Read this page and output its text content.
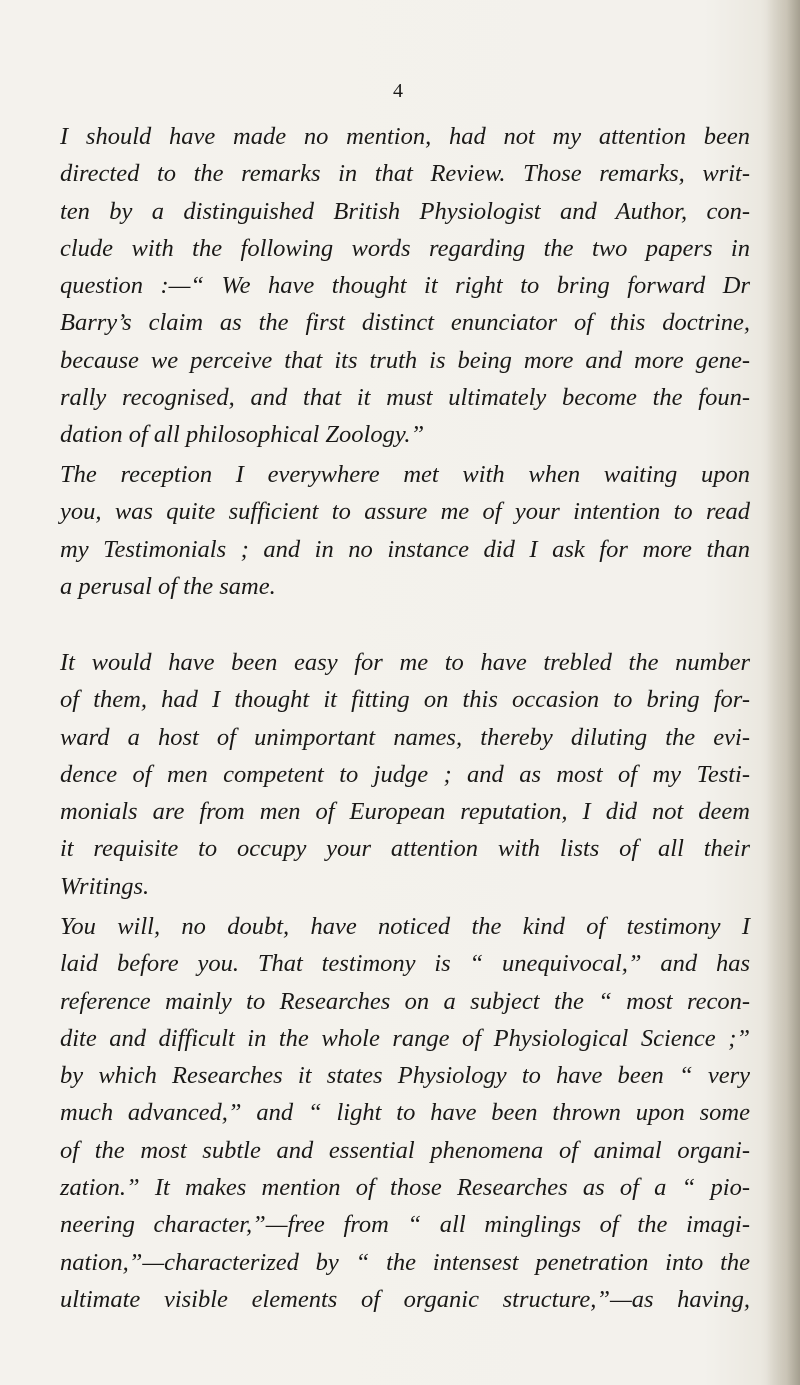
4

I should have made no mention, had not my attention been
directed to the remarks in that Review. Those remarks, writ-
ten by a distinguished British Physiologist and Author, con-
clude with the following words regarding the two papers in
question :—“ We have thought it right to bring forward Dr
Barry’s claim as the first distinct enunciator of this doctrine,
because we perceive that its truth is being more and more gene-
rally recognised, and that it must ultimately become the foun-
dation of all philosophical Zoology.”

The reception I everywhere met with when waiting upon
you, was quite sufficient to assure me of your intention to read
my Testimonials ; and in no instance did I ask for more than
a perusal of the same.

It would have been easy for me to have trebled the number
of them, had I thought it fitting on this occasion to bring for-
ward a host of unimportant names, thereby diluting the evi-
dence of men competent to judge ; and as most of my Testi-
monials are from men of European reputation, I did not deem
it requisite to occupy your attention with lists of all their
Writings.

You will, no doubt, have noticed the kind of testimony I
laid before you. That testimony is “ unequivocal,” and has
reference mainly to Researches on a subject the “ most recon-
dite and difficult in the whole range of Physiological Science ;”
by which Researches it states Physiology to have been “ very
much advanced,” and “ light to have been thrown upon some
of the most subtle and essential phenomena of animal organi-
zation.” It makes mention of those Researches as of a “ pio-
neering character,”—free from “ all minglings of the imagi-
nation,”—characterized by “ the intensest penetration into the
ultimate visible elements of organic structure,”—as having,
